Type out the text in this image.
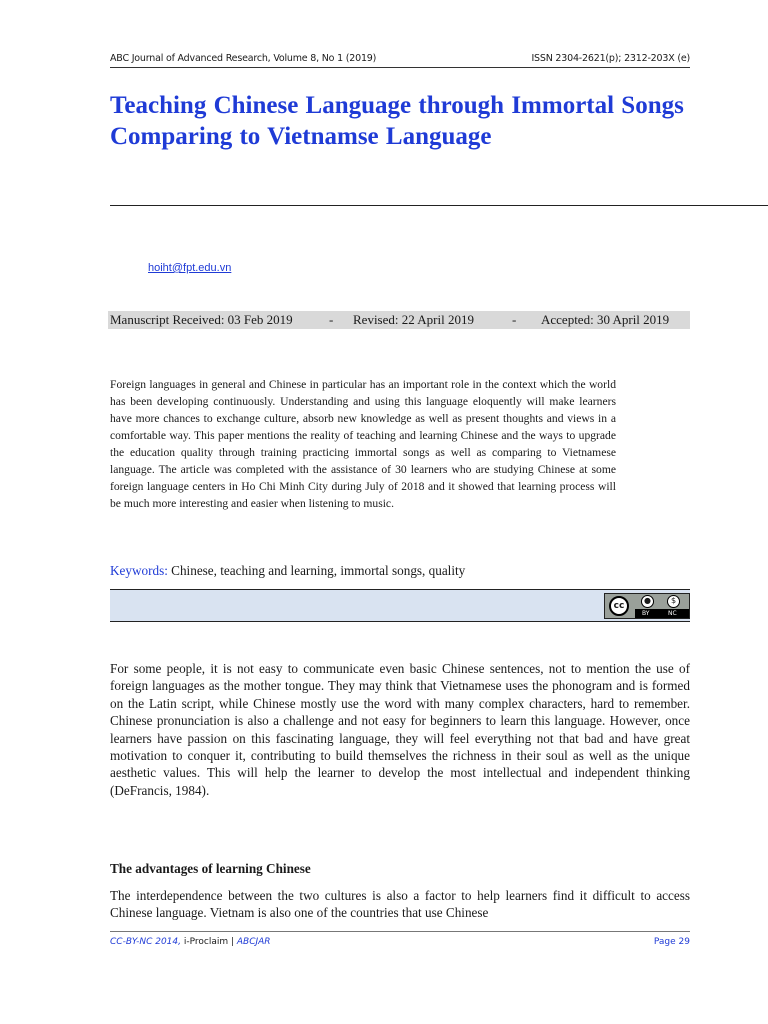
ABC Journal of Advanced Research, Volume 8, No 1 (2019)	ISSN 2304-2621(p); 2312-203X (e)
Teaching Chinese Language through Immortal Songs Comparing to Vietnamse Language
hoiht@fpt.edu.vn
Manuscript Received: 03 Feb 2019	- Revised: 22 April 2019	- Accepted: 30 April 2019
Foreign languages in general and Chinese in particular has an important role in the context which the world has been developing continuously. Understanding and using this language eloquently will make learners have more chances to exchange culture, absorb new knowledge as well as present thoughts and views in a comfortable way. This paper mentions the reality of teaching and learning Chinese and the ways to upgrade the education quality through training practicing immortal songs as well as comparing to Vietnamese language. The article was completed with the assistance of 30 learners who are studying Chinese at some foreign language centers in Ho Chi Minh City during July of 2018 and it showed that learning process will be much more interesting and easier when listening to music.
Keywords: Chinese, teaching and learning, immortal songs, quality
cc
●	$
BY	NC
For some people, it is not easy to communicate even basic Chinese sentences, not to mention the use of foreign languages as the mother tongue. They may think that Vietnamese uses the phonogram and is formed on the Latin script, while Chinese mostly use the word with many complex characters, hard to remember. Chinese pronunciation is also a challenge and not easy for beginners to learn this language. However, once learners have passion on this fascinating language, they will feel everything not that bad and have great motivation to conquer it, contributing to build themselves the richness in their soul as well as the unique aesthetic values. This will help the learner to develop the most intellectual and independent thinking (DeFrancis, 1984).
The advantages of learning Chinese
The interdependence between the two cultures is also a factor to help learners find it difficult to access Chinese language. Vietnam is also one of the countries that use Chinese
CC-BY-NC 2014, i-Proclaim | ABCJAR	Page 29
